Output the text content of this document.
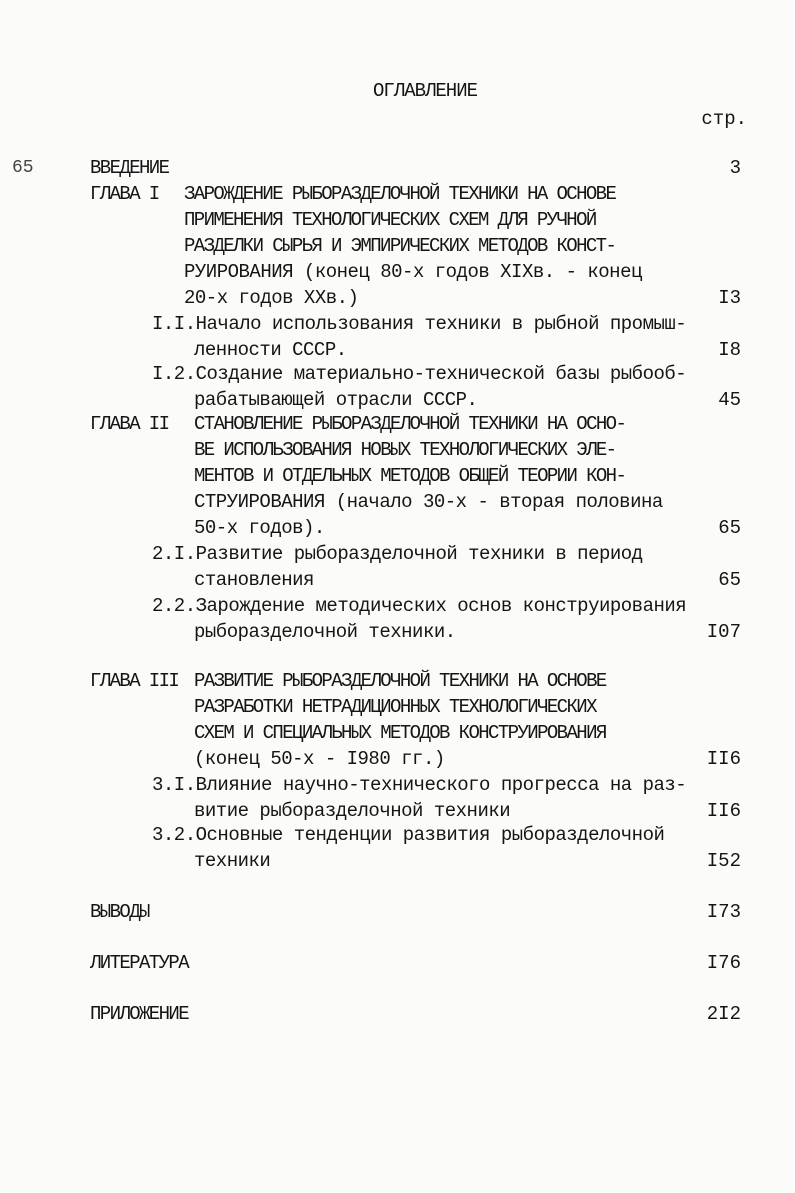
ОГЛАВЛЕНИЕ
стр.
65	ВВЕДЕНИЕ	3
ГЛАВА I ЗАРОЖДЕНИЕ РЫБОРАЗДЕЛОЧНОЙ ТЕХНИКИ НА ОСНОВЕ
ПРИМЕНЕНИЯ ТЕХНОЛОГИЧЕСКИХ СХЕМ ДЛЯ РУЧНОЙ
РАЗДЕЛКИ СЫРЬЯ И ЭМПИРИЧЕСКИХ МЕТОДОВ КОНСТ-
РУИРОВАНИЯ (конец 80-х годов XIXв. - конец
20-х годов XXв.)	I3
I.I.Начало использования техники в рыбной промыш-
ленности СССР.	I8
I.2.Создание материально-технической базы рыбооб-
рабатывающей отрасли СССР.	45
ГЛАВА II СТАНОВЛЕНИЕ РЫБОРАЗДЕЛОЧНОЙ ТЕХНИКИ НА ОСНО-
ВЕ ИСПОЛЬЗОВАНИЯ НОВЫХ ТЕХНОЛОГИЧЕСКИХ ЭЛЕ-
МЕНТОВ И ОТДЕЛЬНЫХ МЕТОДОВ ОБЩЕЙ ТЕОРИИ КОН-
СТРУИРОВАНИЯ (начало 30-х - вторая половина
50-х годов).	65
2.I.Развитие рыборазделочной техники в период
становления	65
2.2.Зарождение методических основ конструирования
рыборазделочной техники.	I07
ГЛАВА III РАЗВИТИЕ РЫБОРАЗДЕЛОЧНОЙ ТЕХНИКИ НА ОСНОВЕ
РАЗРАБОТКИ НЕТРАДИЦИОННЫХ ТЕХНОЛОГИЧЕСКИХ
СХЕМ И СПЕЦИАЛЬНЫХ МЕТОДОВ КОНСТРУИРОВАНИЯ
(конец 50-х - I980 гг.)	II6
3.I.Влияние научно-технического прогресса на раз-
витие рыборазделочной техники	II6
3.2.Основные тенденции развития рыборазделочной
техники	I52
ВЫВОДЫ	I73
ЛИТЕРАТУРА	I76
ПРИЛОЖЕНИЕ	2I2
